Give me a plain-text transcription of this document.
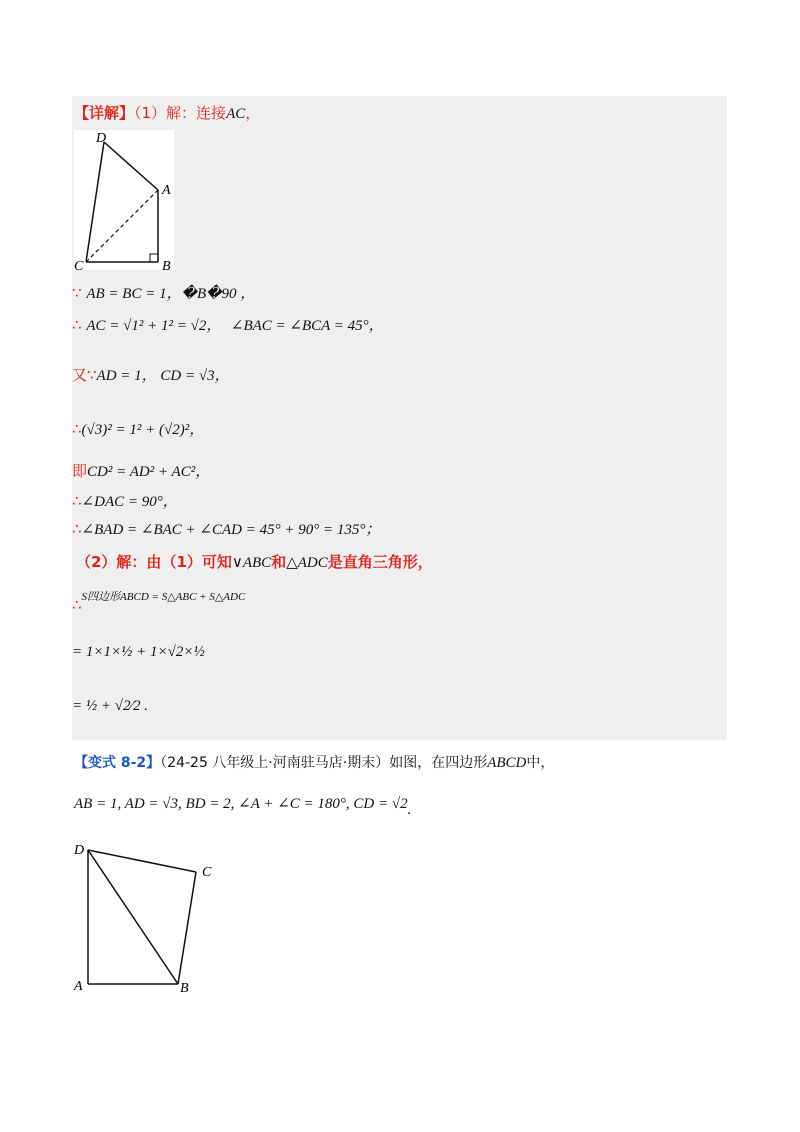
【详解】（1）解：连接AC，
D
A
C	B
∵ AB = BC = 1，�B�90 ，
∴ AC = √1² + 1² = √2， ∠BAC = ∠BCA = 45°，
又∵AD = 1， CD = √3，
∴(√3)² = 1² + (√2)²，
即CD² = AD² + AC²，
∴∠DAC = 90°，
∴∠BAD = ∠BAC + ∠CAD = 45° + 90° = 135°；
（2）解：由（1）可知∨ABC和△ADC是直角三角形，
∴S四边形ABCD = S△ABC + S△ADC
= 1×1×½ + 1×√2×½
= ½ + √2⁄2 .
【变式 8-2】（24-25 八年级上·河南驻马店·期末）如图，在四边形ABCD中，
AB = 1, AD = √3, BD = 2, ∠A + ∠C = 180°, CD = √2.
D
C
A	B
